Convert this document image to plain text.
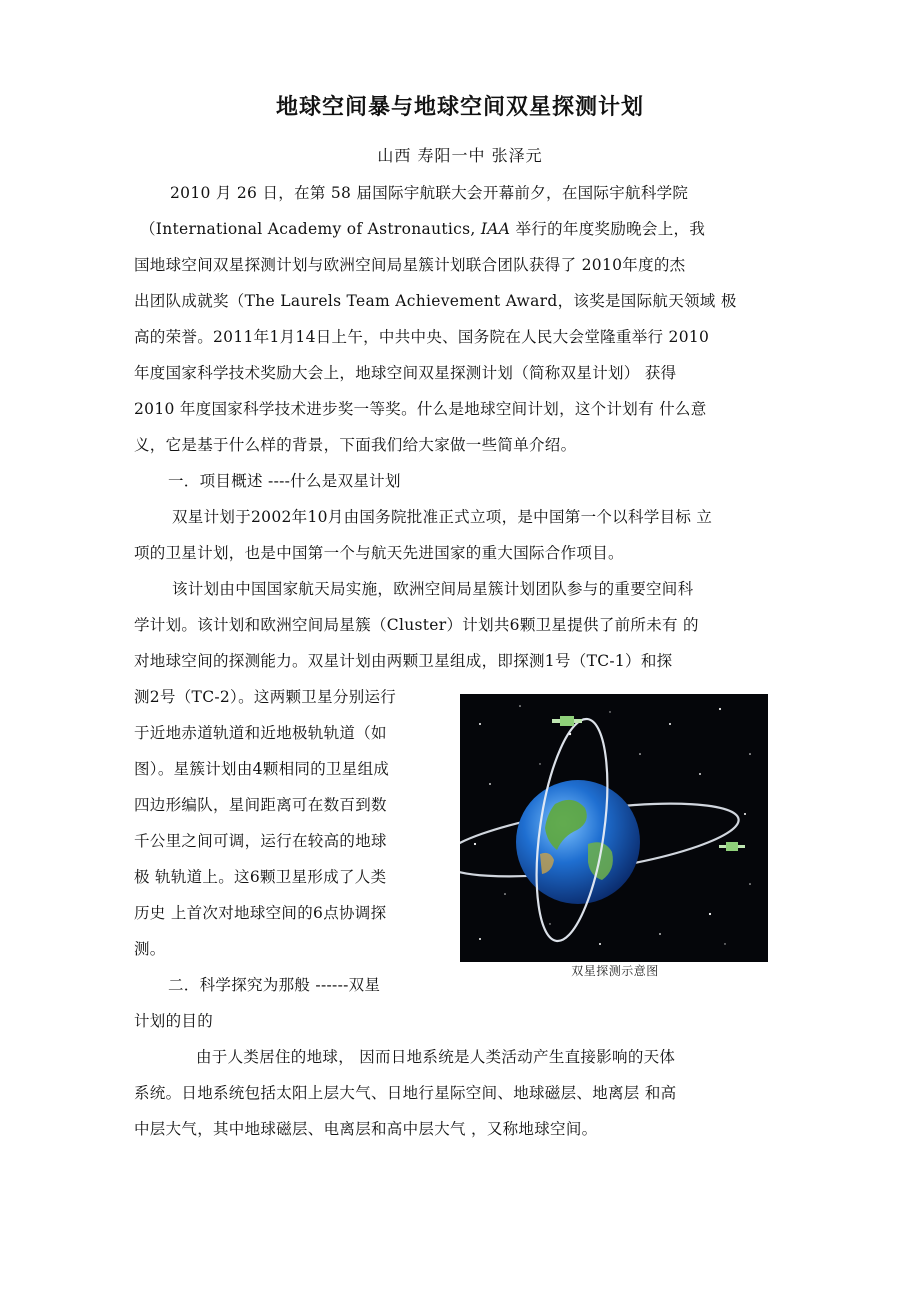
地球空间暴与地球空间双星探测计划
山西 寿阳一中 张泽元
2010 月 26 日，在第 58 届国际宇航联大会开幕前夕，在国际宇航科学院
（International Academy of Astronautics, IAA 举行的年度奖励晚会上，我
国地球空间双星探测计划与欧洲空间局星簇计划联合团队获得了 2010年度的杰
出团队成就奖（The Laurels Team Achievement Award，该奖是国际航天领域 极
高的荣誉。2011年1月14日上午，中共中央、国务院在人民大会堂隆重举行 2010
年度国家科学技术奖励大会上，地球空间双星探测计划（简称双星计划） 获得
2010 年度国家科学技术进步奖一等奖。什么是地球空间计划，这个计划有 什么意
义，它是基于什么样的背景，下面我们给大家做一些简单介绍。
一．项目概述 ----什么是双星计划
双星计划于2002年10月由国务院批准正式立项，是中国第一个以科学目标 立
项的卫星计划，也是中国第一个与航天先进国家的重大国际合作项目。
该计划由中国国家航天局实施，欧洲空间局星簇计划团队参与的重要空间科
学计划。该计划和欧洲空间局星簇（Cluster）计划共6颗卫星提供了前所未有 的
对地球空间的探测能力。双星计划由两颗卫星组成，即探测1号（TC-1）和探
测2号（TC-2）。这两颗卫星分别运行
于近地赤道轨道和近地极轨轨道（如
图）。星簇计划由4颗相同的卫星组成
四边形编队，星间距离可在数百到数
千公里之间可调，运行在较高的地球
极 轨轨道上。这6颗卫星形成了人类
历史 上首次对地球空间的6点协调探
测。
二．科学探究为那般 ------双星
计划的目的
由于人类居住的地球， 因而日地系统是人类活动产生直接影响的天体
系统。日地系统包括太阳上层大气、日地行星际空间、地球磁层、地离层 和高
中层大气，其中地球磁层、电离层和高中层大气 ，又称地球空间。
双星探测示意图
